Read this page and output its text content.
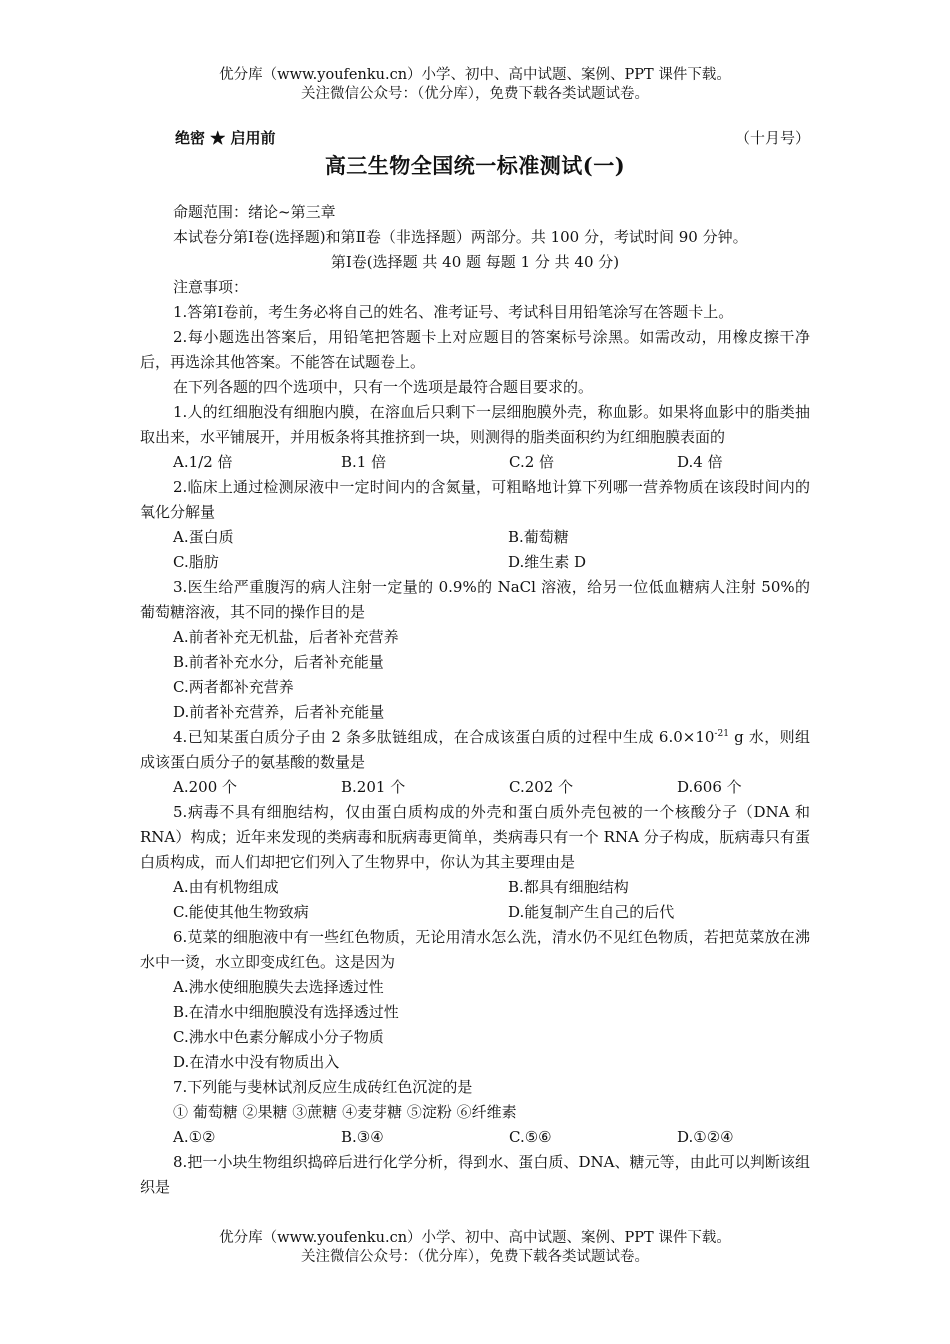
优分库（www.youfenku.cn）小学、初中、高中试题、案例、PPT 课件下载。
关注微信公众号：（优分库），免费下载各类试题试卷。
绝密 ★ 启用前	（十月号）
高三生物全国统一标准测试(一)
命题范围：绪论~第三章
本试卷分第Ⅰ卷(选择题)和第Ⅱ卷（非选择题）两部分。共 100 分，考试时间 90 分钟。
第Ⅰ卷(选择题 共 40 题 每题 1 分 共 40 分)
注意事项：
1.答第Ⅰ卷前，考生务必将自己的姓名、准考证号、考试科目用铅笔涂写在答题卡上。
2.每小题选出答案后，用铅笔把答题卡上对应题目的答案标号涂黑。如需改动，用橡皮擦干净后，再选涂其他答案。不能答在试题卷上。
在下列各题的四个选项中，只有一个选项是最符合题目要求的。
1.人的红细胞没有细胞内膜，在溶血后只剩下一层细胞膜外壳，称血影。如果将血影中的脂类抽取出来，水平铺展开，并用板条将其推挤到一块，则测得的脂类面积约为红细胞膜表面的
A.1/2 倍	B.1 倍	C.2 倍	D.4 倍
2.临床上通过检测尿液中一定时间内的含氮量，可粗略地计算下列哪一营养物质在该段时间内的氧化分解量
A.蛋白质	B.葡萄糖
C.脂肪	D.维生素 D
3.医生给严重腹泻的病人注射一定量的 0.9%的 NaCl 溶液，给另一位低血糖病人注射 50%的葡萄糖溶液，其不同的操作目的是
A.前者补充无机盐，后者补充营养
B.前者补充水分，后者补充能量
C.两者都补充营养
D.前者补充营养，后者补充能量
4.已知某蛋白质分子由 2 条多肽链组成，在合成该蛋白质的过程中生成 $6.0\times 10^{-21}$ g 水，则组成该蛋白质分子的氨基酸的数量是
A.200 个	B.201 个	C.202 个	D.606 个
5.病毒不具有细胞结构，仅由蛋白质构成的外壳和蛋白质外壳包被的一个核酸分子（DNA 和 RNA）构成；近年来发现的类病毒和朊病毒更简单，类病毒只有一个 RNA 分子构成，朊病毒只有蛋白质构成，而人们却把它们列入了生物界中，你认为其主要理由是
A.由有机物组成	B.都具有细胞结构
C.能使其他生物致病	D.能复制产生自己的后代
6.苋菜的细胞液中有一些红色物质，无论用清水怎么洗，清水仍不见红色物质，若把苋菜放在沸水中一烫，水立即变成红色。这是因为
A.沸水使细胞膜失去选择透过性
B.在清水中细胞膜没有选择透过性
C.沸水中色素分解成小分子物质
D.在清水中没有物质出入
7.下列能与斐林试剂反应生成砖红色沉淀的是
① 葡萄糖 ②果糖 ③蔗糖 ④麦芽糖 ⑤淀粉 ⑥纤维素
A.①②	B.③④	C.⑤⑥	D.①②④
8.把一小块生物组织捣碎后进行化学分析，得到水、蛋白质、DNA、糖元等，由此可以判断该组织是
优分库（www.youfenku.cn）小学、初中、高中试题、案例、PPT 课件下载。
关注微信公众号：（优分库），免费下载各类试题试卷。
